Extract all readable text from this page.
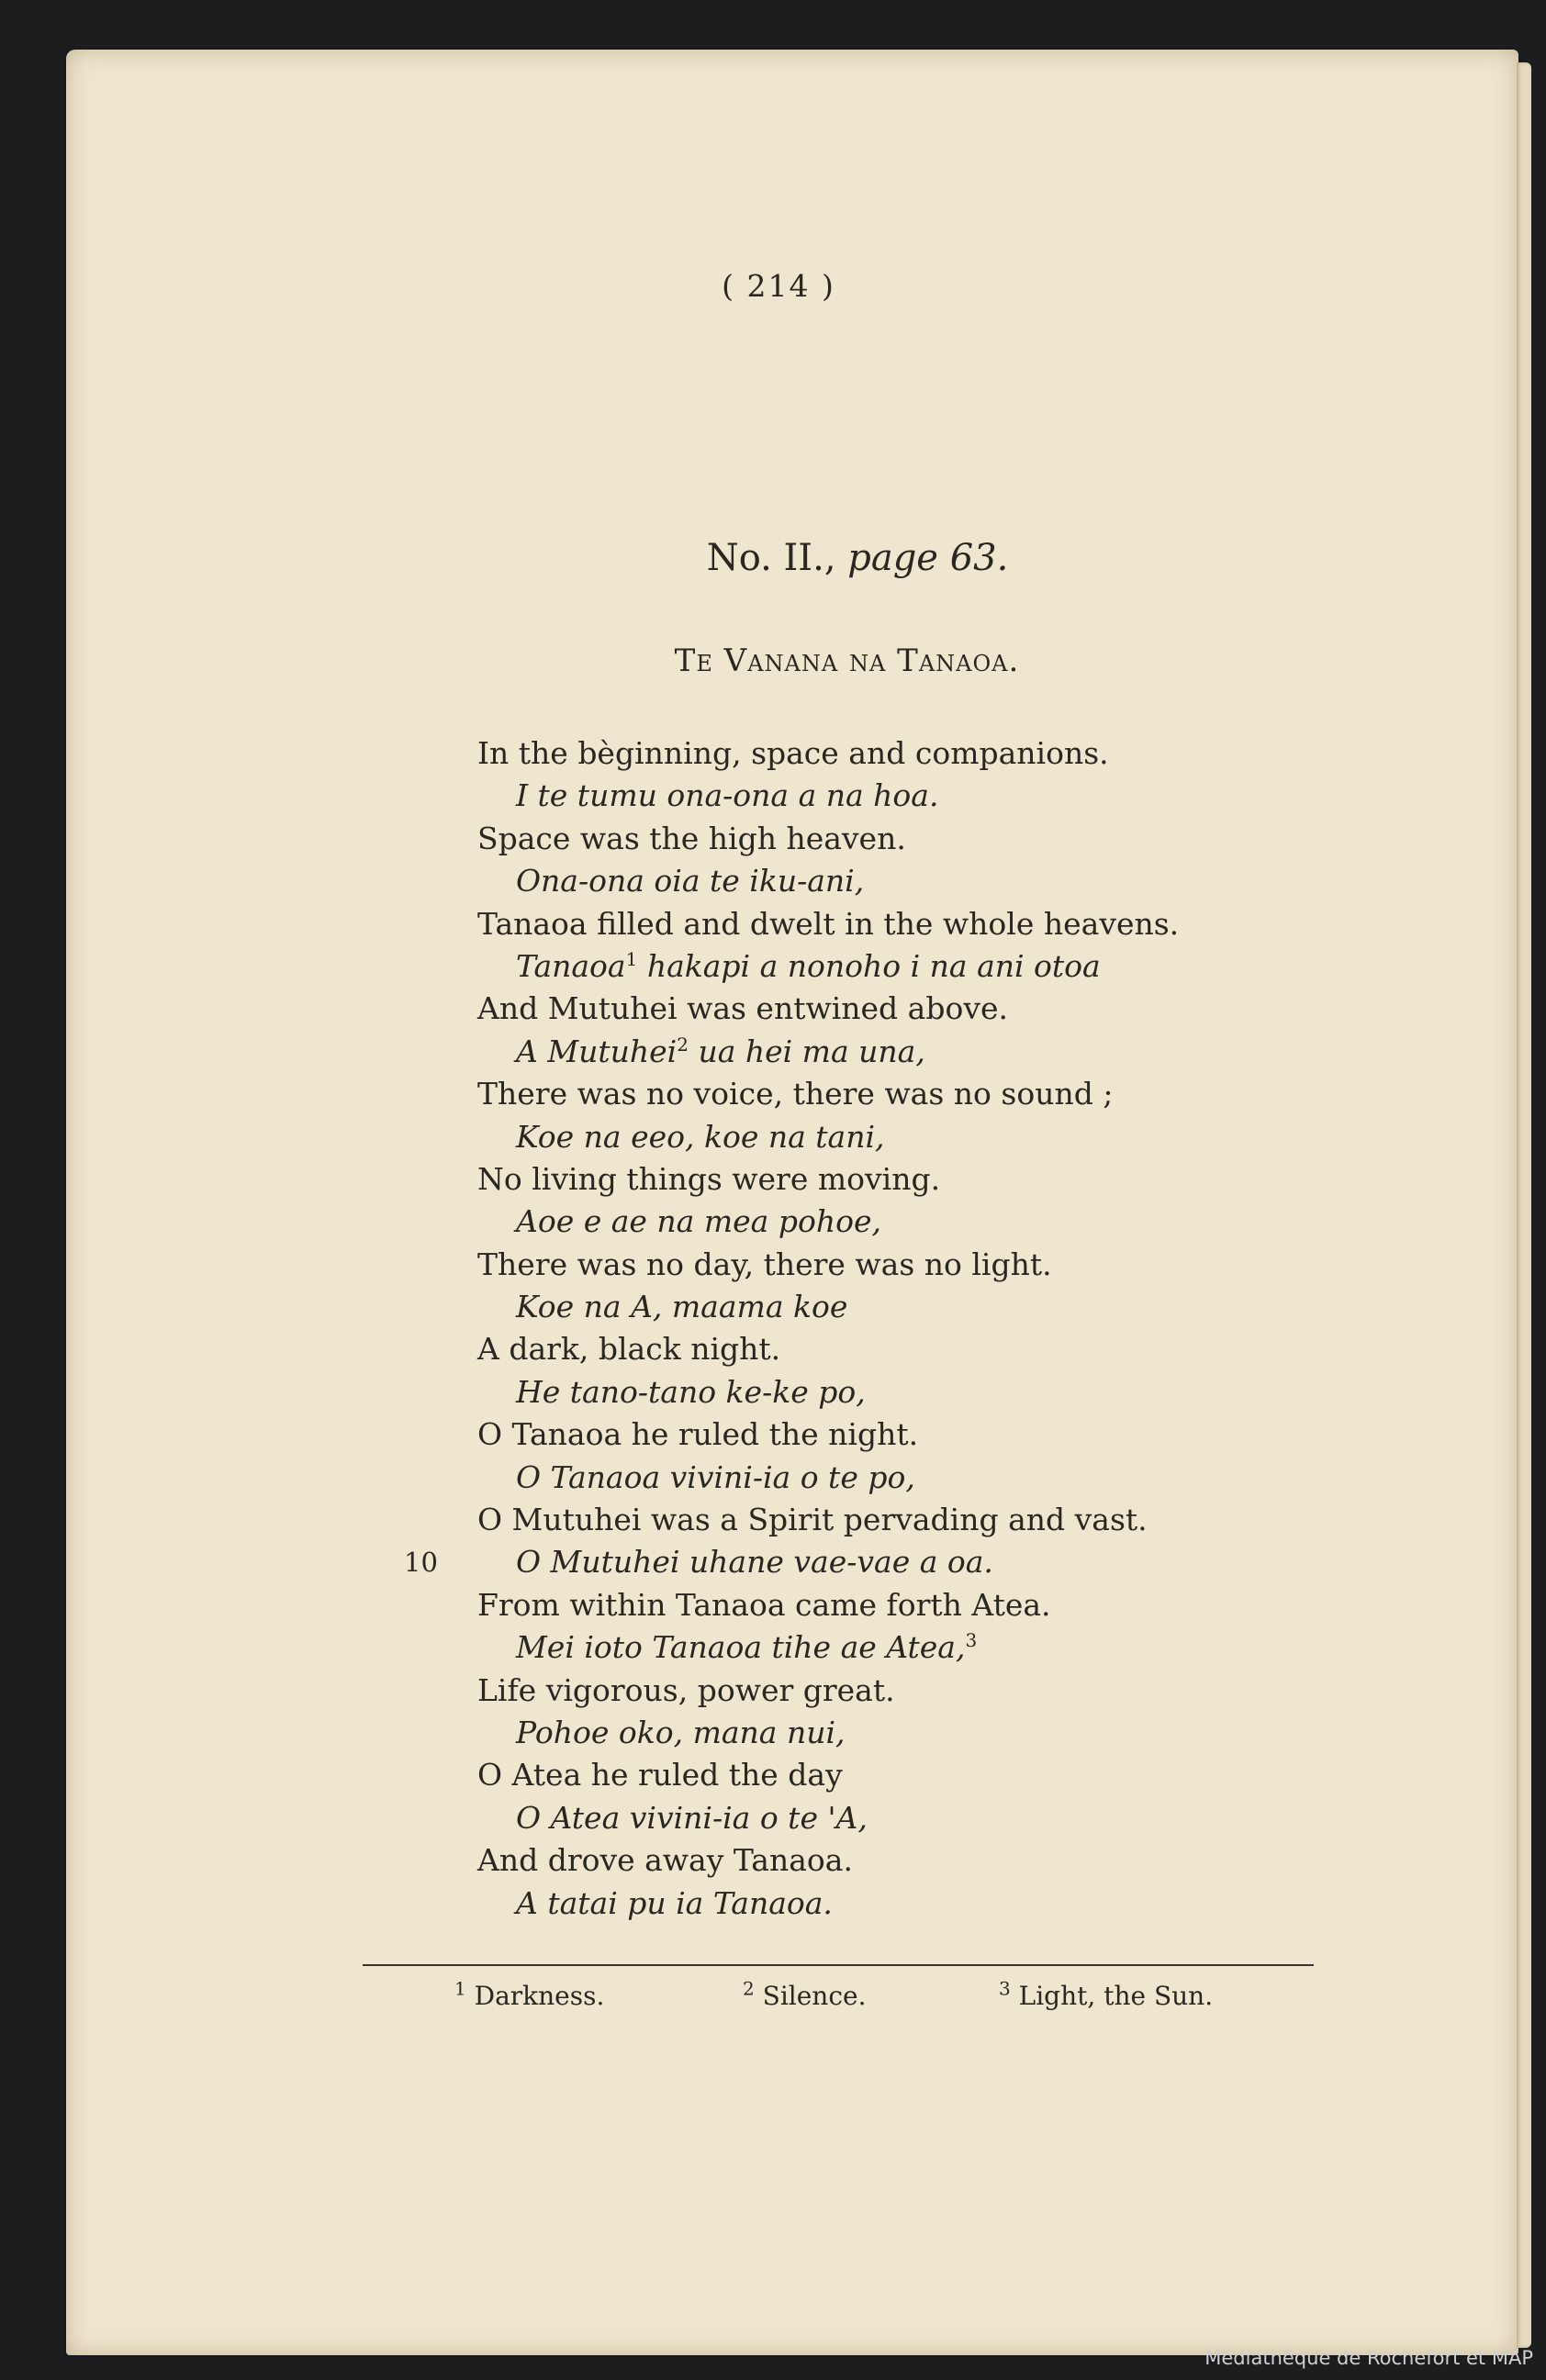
( 214 )
No. II., page 63.
Te Vanana na Tanaoa.
In the bèginning, space and companions.
I te tumu ona-ona a na hoa.
Space was the high heaven.
Ona-ona oia te iku-ani,
Tanaoa filled and dwelt in the whole heavens.
Tanaoa$^1$ hakapi a nonoho i na ani otoa
And Mutuhei was entwined above.
A Mutuhei$^2$ ua hei ma una,
There was no voice, there was no sound ;
Koe na eeo, koe na tani,
No living things were moving.
Aoe e ae na mea pohoe,
There was no day, there was no light.
Koe na A, maama koe
A dark, black night.
He tano-tano ke-ke po,
O Tanaoa he ruled the night.
O Tanaoa vivini-ia o te po,
O Mutuhei was a Spirit pervading and vast.
10	O Mutuhei uhane vae-vae a oa.
From within Tanaoa came forth Atea.
Mei ioto Tanaoa tihe ae Atea,$^3$
Life vigorous, power great.
Pohoe oko, mana nui,
O Atea he ruled the day
O Atea vivini-ia o te 'A,
And drove away Tanaoa.
A tatai pu ia Tanaoa.
$^1$ Darkness.	$^2$ Silence.	$^3$ Light, the Sun.
Médiathèque de Rochefort et MAP
